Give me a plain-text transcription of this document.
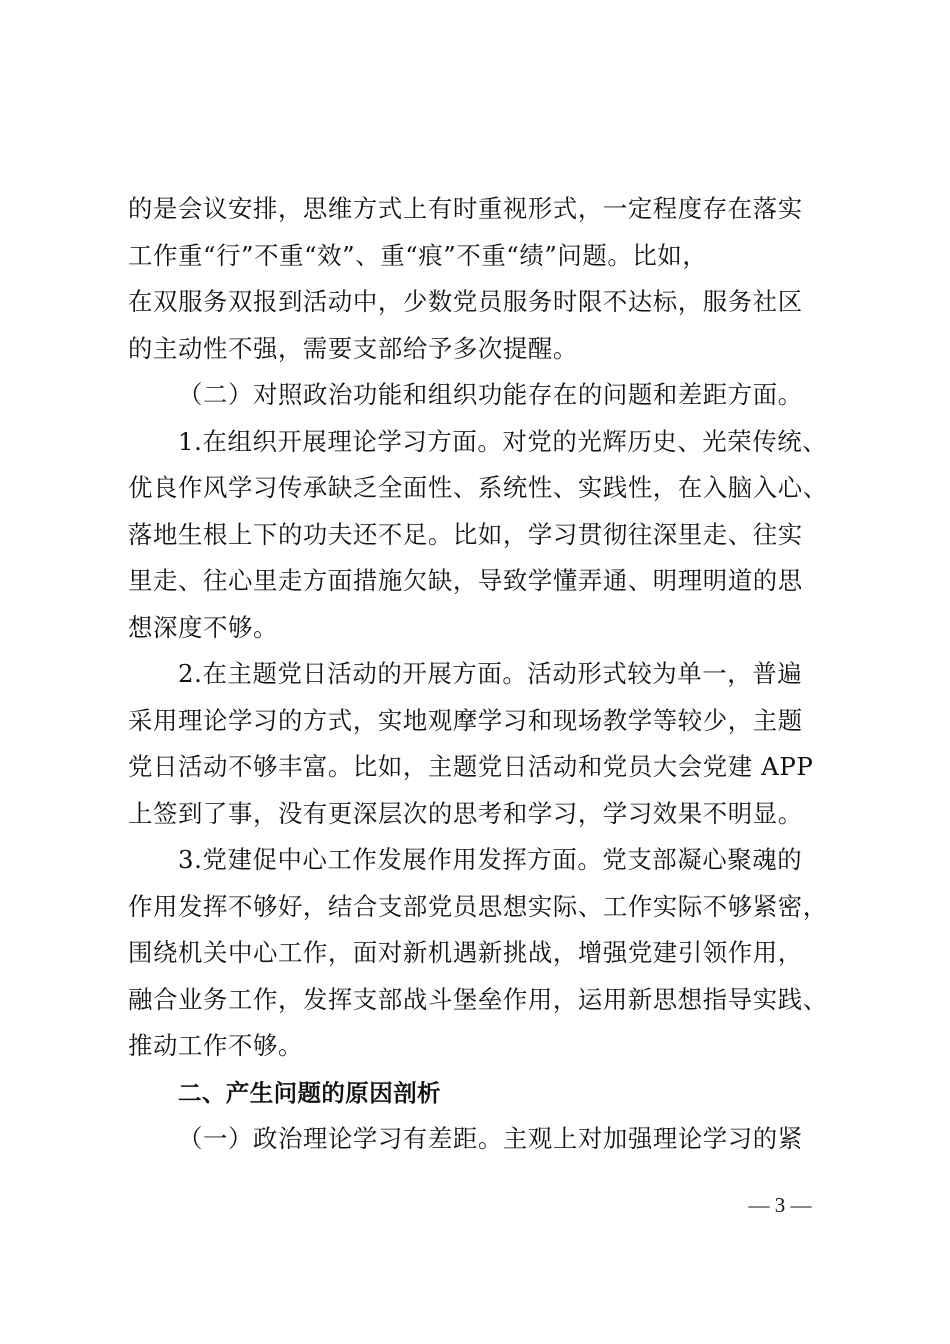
的是会议安排，思维方式上有时重视形式，一定程度存在落实
工作重“行”不重“效”、重“痕”不重“绩”问题。比如，
在双服务双报到活动中，少数党员服务时限不达标，服务社区
的主动性不强，需要支部给予多次提醒。
（二）对照政治功能和组织功能存在的问题和差距方面。
1.在组织开展理论学习方面。对党的光辉历史、光荣传统、
优良作风学习传承缺乏全面性、系统性、实践性，在入脑入心、
落地生根上下的功夫还不足。比如，学习贯彻往深里走、往实
里走、往心里走方面措施欠缺，导致学懂弄通、明理明道的思
想深度不够。
2.在主题党日活动的开展方面。活动形式较为单一，普遍
采用理论学习的方式，实地观摩学习和现场教学等较少，主题
党日活动不够丰富。比如，主题党日活动和党员大会党建 APP
上签到了事，没有更深层次的思考和学习，学习效果不明显。
3.党建促中心工作发展作用发挥方面。党支部凝心聚魂的
作用发挥不够好，结合支部党员思想实际、工作实际不够紧密，
围绕机关中心工作，面对新机遇新挑战，增强党建引领作用，
融合业务工作，发挥支部战斗堡垒作用，运用新思想指导实践、
推动工作不够。
二、产生问题的原因剖析
（一）政治理论学习有差距。主观上对加强理论学习的紧
— 3 —
